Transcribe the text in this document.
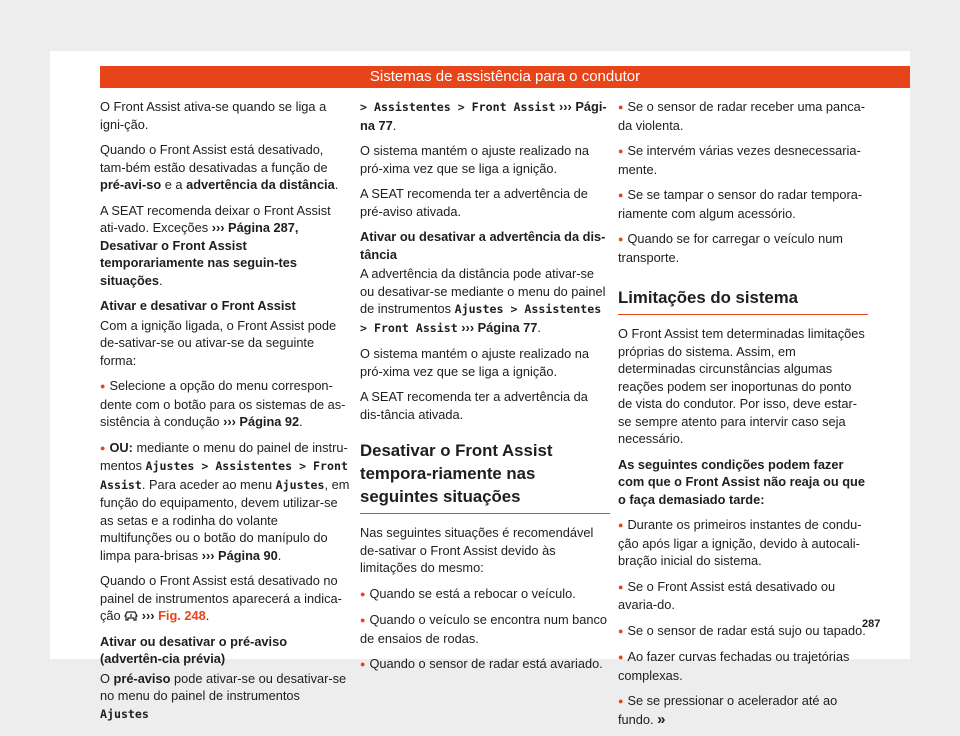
Sistemas de assistência para o condutor

O Front Assist ativa-se quando se liga a igni-ção.

Quando o Front Assist está desativado, tam-bém estão desativadas a função de pré-avi-so e a advertência da distância.

A SEAT recomenda deixar o Front Assist ati-vado. Exceções ››› Página 287, Desativar o Front Assist temporariamente nas seguin-tes situações.

Ativar e desativar o Front Assist

Com a ignição ligada, o Front Assist pode de-sativar-se ou ativar-se da seguinte forma:

● Selecione a opção do menu correspon-dente com o botão para os sistemas de as-sistência à condução ››› Página 92.

● OU: mediante o menu do painel de instru-mentos Ajustes > Assistentes > Front Assist. Para aceder ao menu Ajustes, em função do equipamento, devem utilizar-se as setas e a rodinha do volante multifunções ou o botão do manípulo do limpa para-brisas ››› Página 90.

Quando o Front Assist está desativado no painel de instrumentos aparecerá a indica-ção  ››› Fig. 248.

Ativar ou desativar o pré-aviso (advertên-cia prévia)

O pré-aviso pode ativar-se ou desativar-se no menu do painel de instrumentos Ajustes

> Assistentes > Front Assist ››› Pági-na 77.

O sistema mantém o ajuste realizado na pró-xima vez que se liga a ignição.

A SEAT recomenda ter a advertência de pré-aviso ativada.

Ativar ou desativar a advertência da dis-tância

A advertência da distância pode ativar-se ou desativar-se mediante o menu do painel de instrumentos Ajustes > Assistentes > Front Assist ››› Página 77.

O sistema mantém o ajuste realizado na pró-xima vez que se liga a ignição.

A SEAT recomenda ter a advertência da dis-tância ativada.

Desativar o Front Assist tempora-riamente nas seguintes situações

Nas seguintes situações é recomendável de-sativar o Front Assist devido às limitações do mesmo:

● Quando se está a rebocar o veículo.

● Quando o veículo se encontra num banco de ensaios de rodas.

● Quando o sensor de radar está avariado.

● Se o sensor de radar receber uma panca-da violenta.

● Se intervém várias vezes desnecessaria-mente.

● Se se tampar o sensor do radar tempora-riamente com algum acessório.

● Quando se for carregar o veículo num transporte.

Limitações do sistema

O Front Assist tem determinadas limitações próprias do sistema. Assim, em determinadas circunstâncias algumas reações podem ser inoportunas do ponto de vista do condutor. Por isso, deve estar-se sempre atento para intervir caso seja necessário.

As seguintes condições podem fazer com que o Front Assist não reaja ou que o faça demasiado tarde:

● Durante os primeiros instantes de condu-ção após ligar a ignição, devido à autocali-bração inicial do sistema.

● Se o Front Assist está desativado ou avaria-do.

● Se o sensor de radar está sujo ou tapado.

● Ao fazer curvas fechadas ou trajetórias complexas.

● Se se pressionar o acelerador até ao fundo. »

287
